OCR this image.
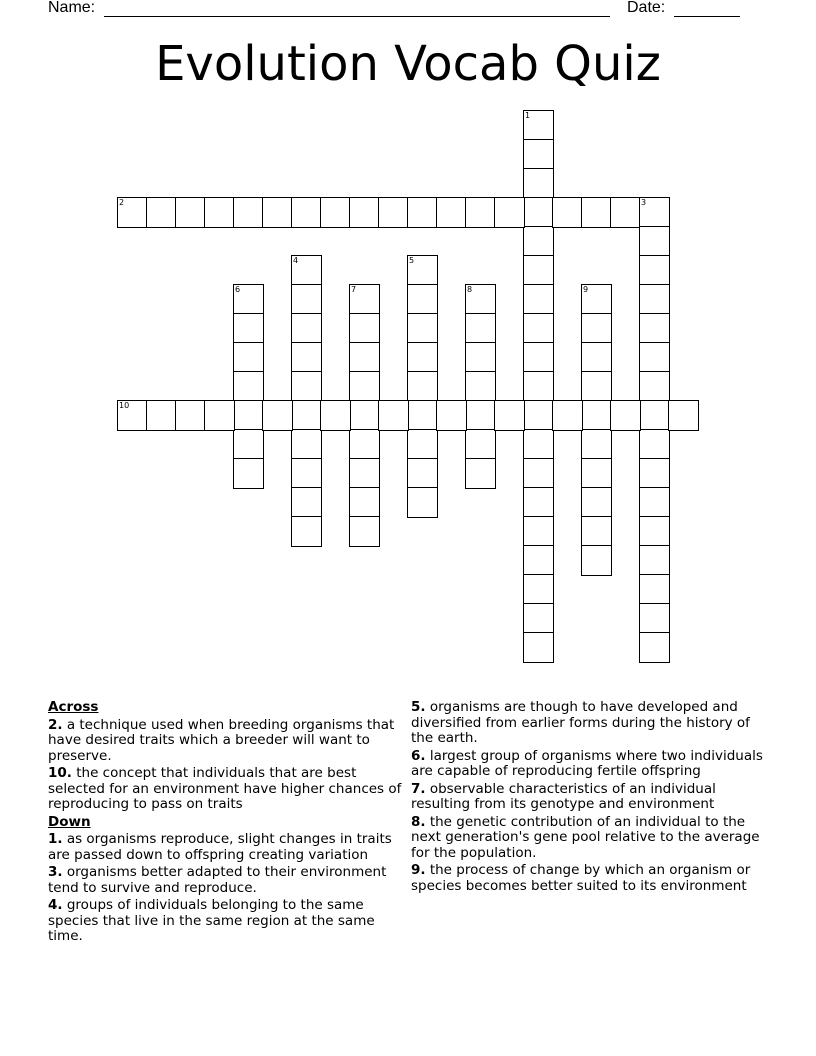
Name:	Date:
Evolution Vocab Quiz
1
2	3
4	5
6	7	8	9
10
Across
2. a technique used when breeding organisms that have desired traits which a breeder will want to preserve.
10. the concept that individuals that are best selected for an environment have higher chances of reproducing to pass on traits
Down
1. as organisms reproduce, slight changes in traits are passed down to offspring creating variation
3. organisms better adapted to their environment tend to survive and reproduce.
4. groups of individuals belonging to the same species that live in the same region at the same time.
5. organisms are though to have developed and diversified from earlier forms during the history of the earth.
6. largest group of organisms where two individuals are capable of reproducing fertile offspring
7. observable characteristics of an individual resulting from its genotype and environment
8. the genetic contribution of an individual to the next generation's gene pool relative to the average for the population.
9. the process of change by which an organism or species becomes better suited to its environment
